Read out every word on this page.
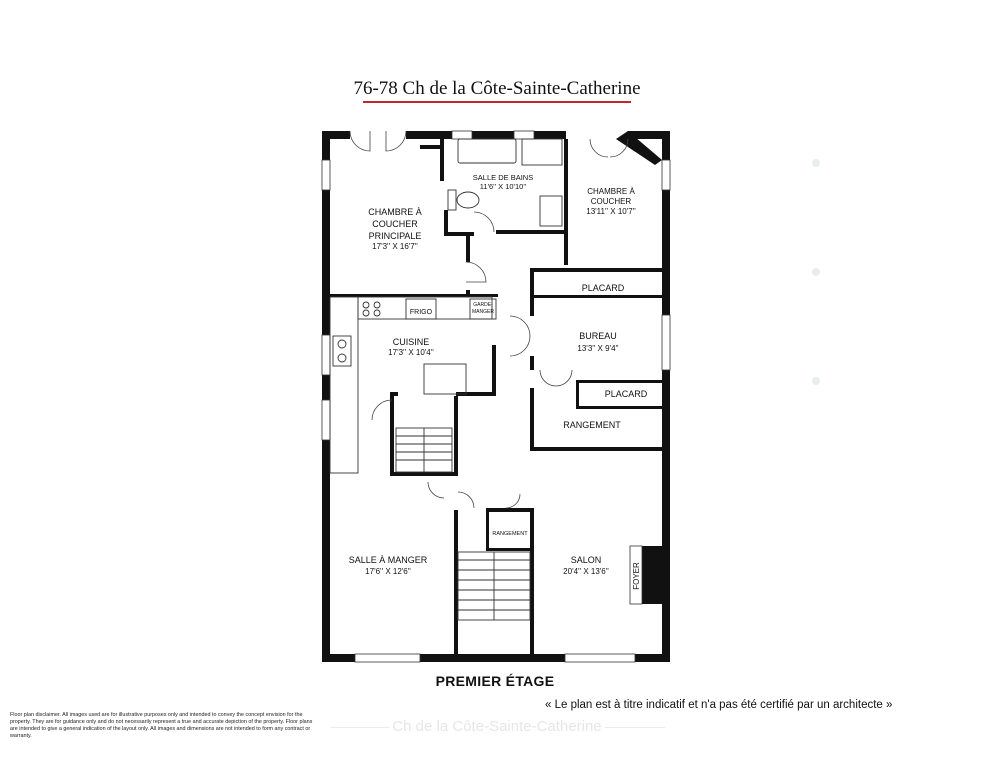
76-78 Ch de la Côte-Sainte-Catherine
CHAMBRE À
COUCHER
PRINCIPALE
17'3'' X 16'7''
SALLE DE BAINS
11'6'' X 10'10''
CHAMBRE À
COUCHER
13'11'' X 10'7''
PLACARD
BUREAU
13'3'' X 9'4''
PLACARD
RANGEMENT
CUISINE
17'3'' X 10'4''
FRIGO
GARDE-
MANGER
SALLE À MANGER
17'6'' X 12'6''
SALON
20'4'' X 13'6''	FOYER
RANGEMENT
PREMIER ÉTAGE
« Le plan est à titre indicatif et n'a pas été certifié par un architecte »
Floor plan disclaimer. All images used are for illustrative purposes only and intended to convey the concept envision for the property. They are for guidance only and do not necessarily represent a true and accurate depiction of the property. Floor plans are intended to give a general indication of the layout only. All images and dimensions are not intended to form any contract or warranty.
Ch de la Côte-Sainte-Catherine
